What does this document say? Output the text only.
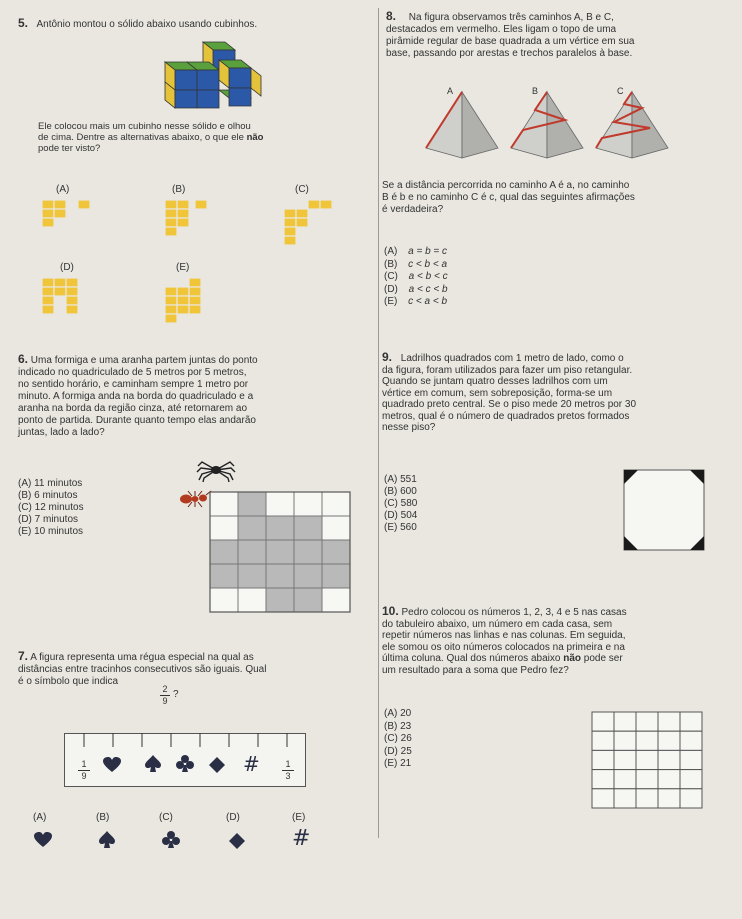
5. Antônio montou o sólido abaixo usando cubinhos.
Ele colocou mais um cubinho nesse sólido e olhou
de cima. Dentre as alternativas abaixo, o que ele não
pode ter visto?
(A)	(B)	(C)
(D)	(E)
6. Uma formiga e uma aranha partem juntas do ponto
indicado no quadriculado de 5 metros por 5 metros,
no sentido horário, e caminham sempre 1 metro por
minuto. A formiga anda na borda do quadriculado e a
aranha na borda da região cinza, até retornarem ao
ponto de partida. Durante quanto tempo elas andarão
juntas, lado a lado?
(A) 11 minutos
(B) 6 minutos
(C) 12 minutos
(D) 7 minutos
(E) 10 minutos
7. A figura representa uma régua especial na qual as
distâncias entre tracinhos consecutivos são iguais. Qual
é o símbolo que indica
2
9
?
1
9	#	1
3
(A)	(B)	(C)	(D)	(E)
#
8. Na figura observamos três caminhos A, B e C,
destacados em vermelho. Eles ligam o topo de uma
pirâmide regular de base quadrada a um vértice em sua
base, passando por arestas e trechos paralelos à base.
A	B	C
Se a distância percorrida no caminho A é a, no caminho
B é b e no caminho C é c, qual das seguintes afirmações
é verdadeira?
(A) a = b = c
(B) c < b < a
(C) a < b < c
(D) a < c < b
(E) c < a < b
9. Ladrilhos quadrados com 1 metro de lado, como o
da figura, foram utilizados para fazer um piso retangular.
Quando se juntam quatro desses ladrilhos com um
vértice em comum, sem sobreposição, forma-se um
quadrado preto central. Se o piso mede 20 metros por 30
metros, qual é o número de quadrados pretos formados
nesse piso?
(A) 551
(B) 600
(C) 580
(D) 504
(E) 560
10. Pedro colocou os números 1, 2, 3, 4 e 5 nas casas
do tabuleiro abaixo, um número em cada casa, sem
repetir números nas linhas e nas colunas. Em seguida,
ele somou os oito números colocados na primeira e na
última coluna. Qual dos números abaixo não pode ser
um resultado para a soma que Pedro fez?
(A) 20
(B) 23
(C) 26
(D) 25
(E) 21
